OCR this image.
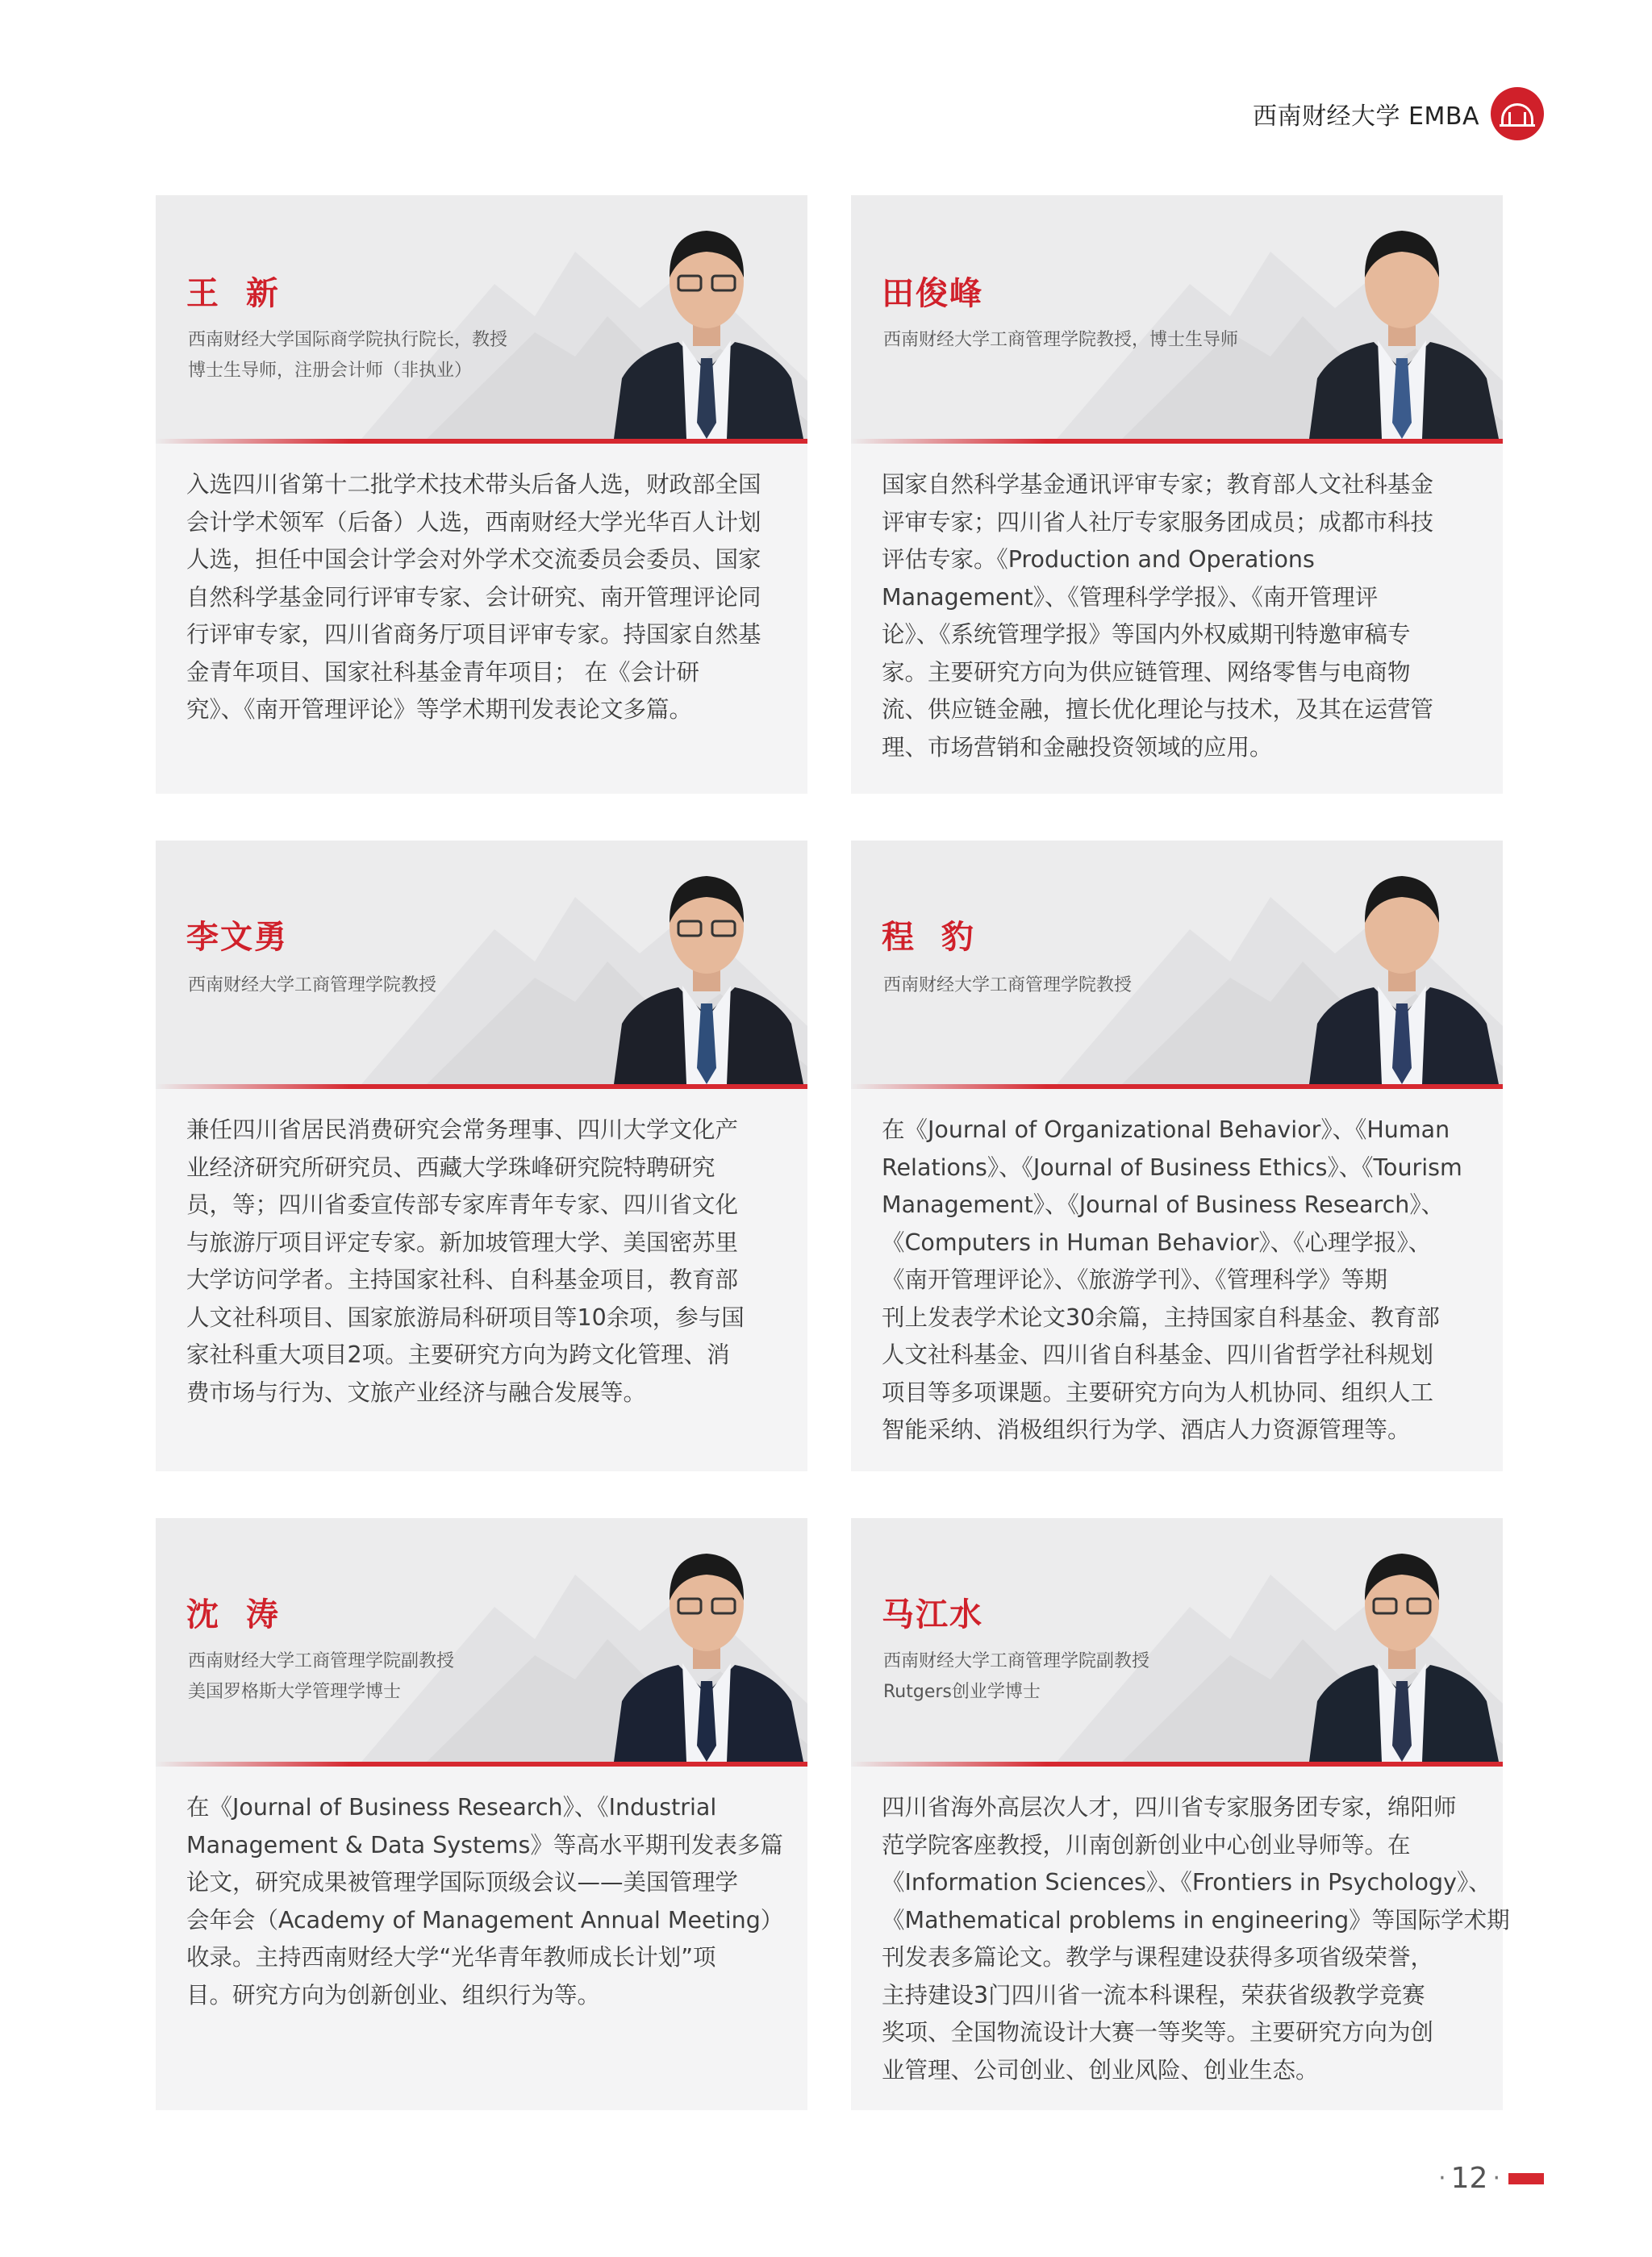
西南财经大学 EMBA
王  新
西南财经大学国际商学院执行院长，教授
博士生导师，注册会计师（非执业）
入选四川省第十二批学术技术带头后备人选，财政部全国
会计学术领军（后备）人选，西南财经大学光华百人计划
人选，担任中国会计学会对外学术交流委员会委员、国家
自然科学基金同行评审专家、会计研究、南开管理评论同
行评审专家，四川省商务厅项目评审专家。持国家自然基
金青年项目、国家社科基金青年项目； 在《会计研
究》、《南开管理评论》等学术期刊发表论文多篇。
田俊峰
西南财经大学工商管理学院教授，博士生导师
国家自然科学基金通讯评审专家；教育部人文社科基金
评审专家；四川省人社厅专家服务团成员；成都市科技
评估专家。《Production and Operations
Management》、《管理科学学报》、《南开管理评
论》、《系统管理学报》等国内外权威期刊特邀审稿专
家。主要研究方向为供应链管理、网络零售与电商物
流、供应链金融，擅长优化理论与技术，及其在运营管
理、市场营销和金融投资领域的应用。
李文勇
西南财经大学工商管理学院教授
兼任四川省居民消费研究会常务理事、四川大学文化产
业经济研究所研究员、西藏大学珠峰研究院特聘研究
员，等；四川省委宣传部专家库青年专家、四川省文化
与旅游厅项目评定专家。新加坡管理大学、美国密苏里
大学访问学者。主持国家社科、自科基金项目，教育部
人文社科项目、国家旅游局科研项目等10余项，参与国
家社科重大项目2项。主要研究方向为跨文化管理、消
费市场与行为、文旅产业经济与融合发展等。
程  豹
西南财经大学工商管理学院教授
在《Journal of Organizational Behavior》、《Human
Relations》、《Journal of Business Ethics》、《Tourism
Management》、《Journal of Business Research》、
《Computers in Human Behavior》、《心理学报》、
《南开管理评论》、《旅游学刊》、《管理科学》等期
刊上发表学术论文30余篇，主持国家自科基金、教育部
人文社科基金、四川省自科基金、四川省哲学社科规划
项目等多项课题。主要研究方向为人机协同、组织人工
智能采纳、消极组织行为学、酒店人力资源管理等。
沈  涛
西南财经大学工商管理学院副教授
美国罗格斯大学管理学博士
在《Journal of Business Research》、《Industrial
Management & Data Systems》等高水平期刊发表多篇
论文，研究成果被管理学国际顶级会议——美国管理学
会年会（Academy of Management Annual Meeting）
收录。主持西南财经大学“光华青年教师成长计划”项
目。研究方向为创新创业、组织行为等。
马江水
西南财经大学工商管理学院副教授
Rutgers创业学博士
四川省海外高层次人才，四川省专家服务团专家，绵阳师
范学院客座教授，川南创新创业中心创业导师等。在
《Information Sciences》、《Frontiers in Psychology》、
《Mathematical problems in engineering》等国际学术期
刊发表多篇论文。教学与课程建设获得多项省级荣誉，
主持建设3门四川省一流本科课程，荣获省级教学竞赛
奖项、全国物流设计大赛一等奖等。主要研究方向为创
业管理、公司创业、创业风险、创业生态。
· 12 ·
